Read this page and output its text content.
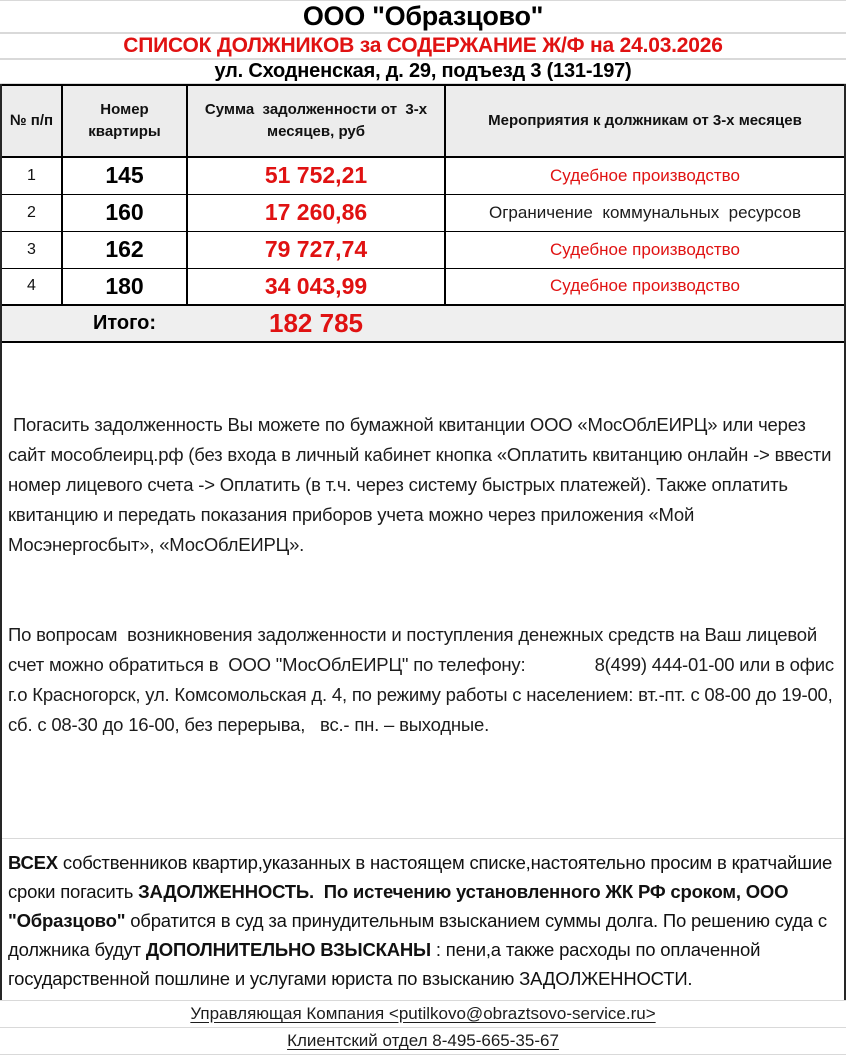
ООО "Образцово"
СПИСОК ДОЛЖНИКОВ за СОДЕРЖАНИЕ Ж/Ф на 24.03.2026
ул. Сходненская, д. 29, подъезд 3 (131-197)
№ п/п	Номер квартиры	Сумма  задолженности от  3-х месяцев, руб	Мероприятия к должникам от 3-х месяцев
1	145	51 752,21	Судебное производство
2	160	17 260,86	Ограничение  коммунальных  ресурсов
3	162	79 727,74	Судебное производство
4	180	34 043,99	Судебное производство
	Итого:	182 785	

Погасить задолженность Вы можете по бумажной квитанции ООО «МосОблЕИРЦ» или через сайт мособлеирц.рф (без входа в личный кабинет кнопка «Оплатить квитанцию онлайн -> ввести номер лицевого счета -> Оплатить (в т.ч. через систему быстрых платежей). Также оплатить квитанцию и передать показания приборов учета можно через приложения «Мой Мосэнергосбыт», «МосОблЕИРЦ».

По вопросам  возникновения задолженности и поступления денежных средств на Ваш лицевой счет можно обратиться в  ООО "МосОблЕИРЦ" по телефону:              8(499) 444-01-00 или в офис г.о Красногорск, ул. Комсомольская д. 4, по режиму работы с населением: вт.-пт. с 08-00 до 19-00, сб. с 08-30 до 16-00, без перерыва,   вс.- пн. – выходные.

ВСЕХ собственников квартир,указанных в настоящем списке,настоятельно просим в кратчайшие сроки погасить ЗАДОЛЖЕННОСТЬ.  По истечению установленного ЖК РФ сроком, ООО "Образцово" обратится в суд за принудительным взысканием суммы долга. По решению суда с должника будут ДОПОЛНИТЕЛЬНО ВЗЫСКАНЫ : пени,а также расходы по оплаченной государственной пошлине и услугами юриста по взысканию ЗАДОЛЖЕННОСТИ.
Управляющая Компания <putilkovo@obraztsovo-service.ru>
Клиентский отдел 8-495-665-35-67
